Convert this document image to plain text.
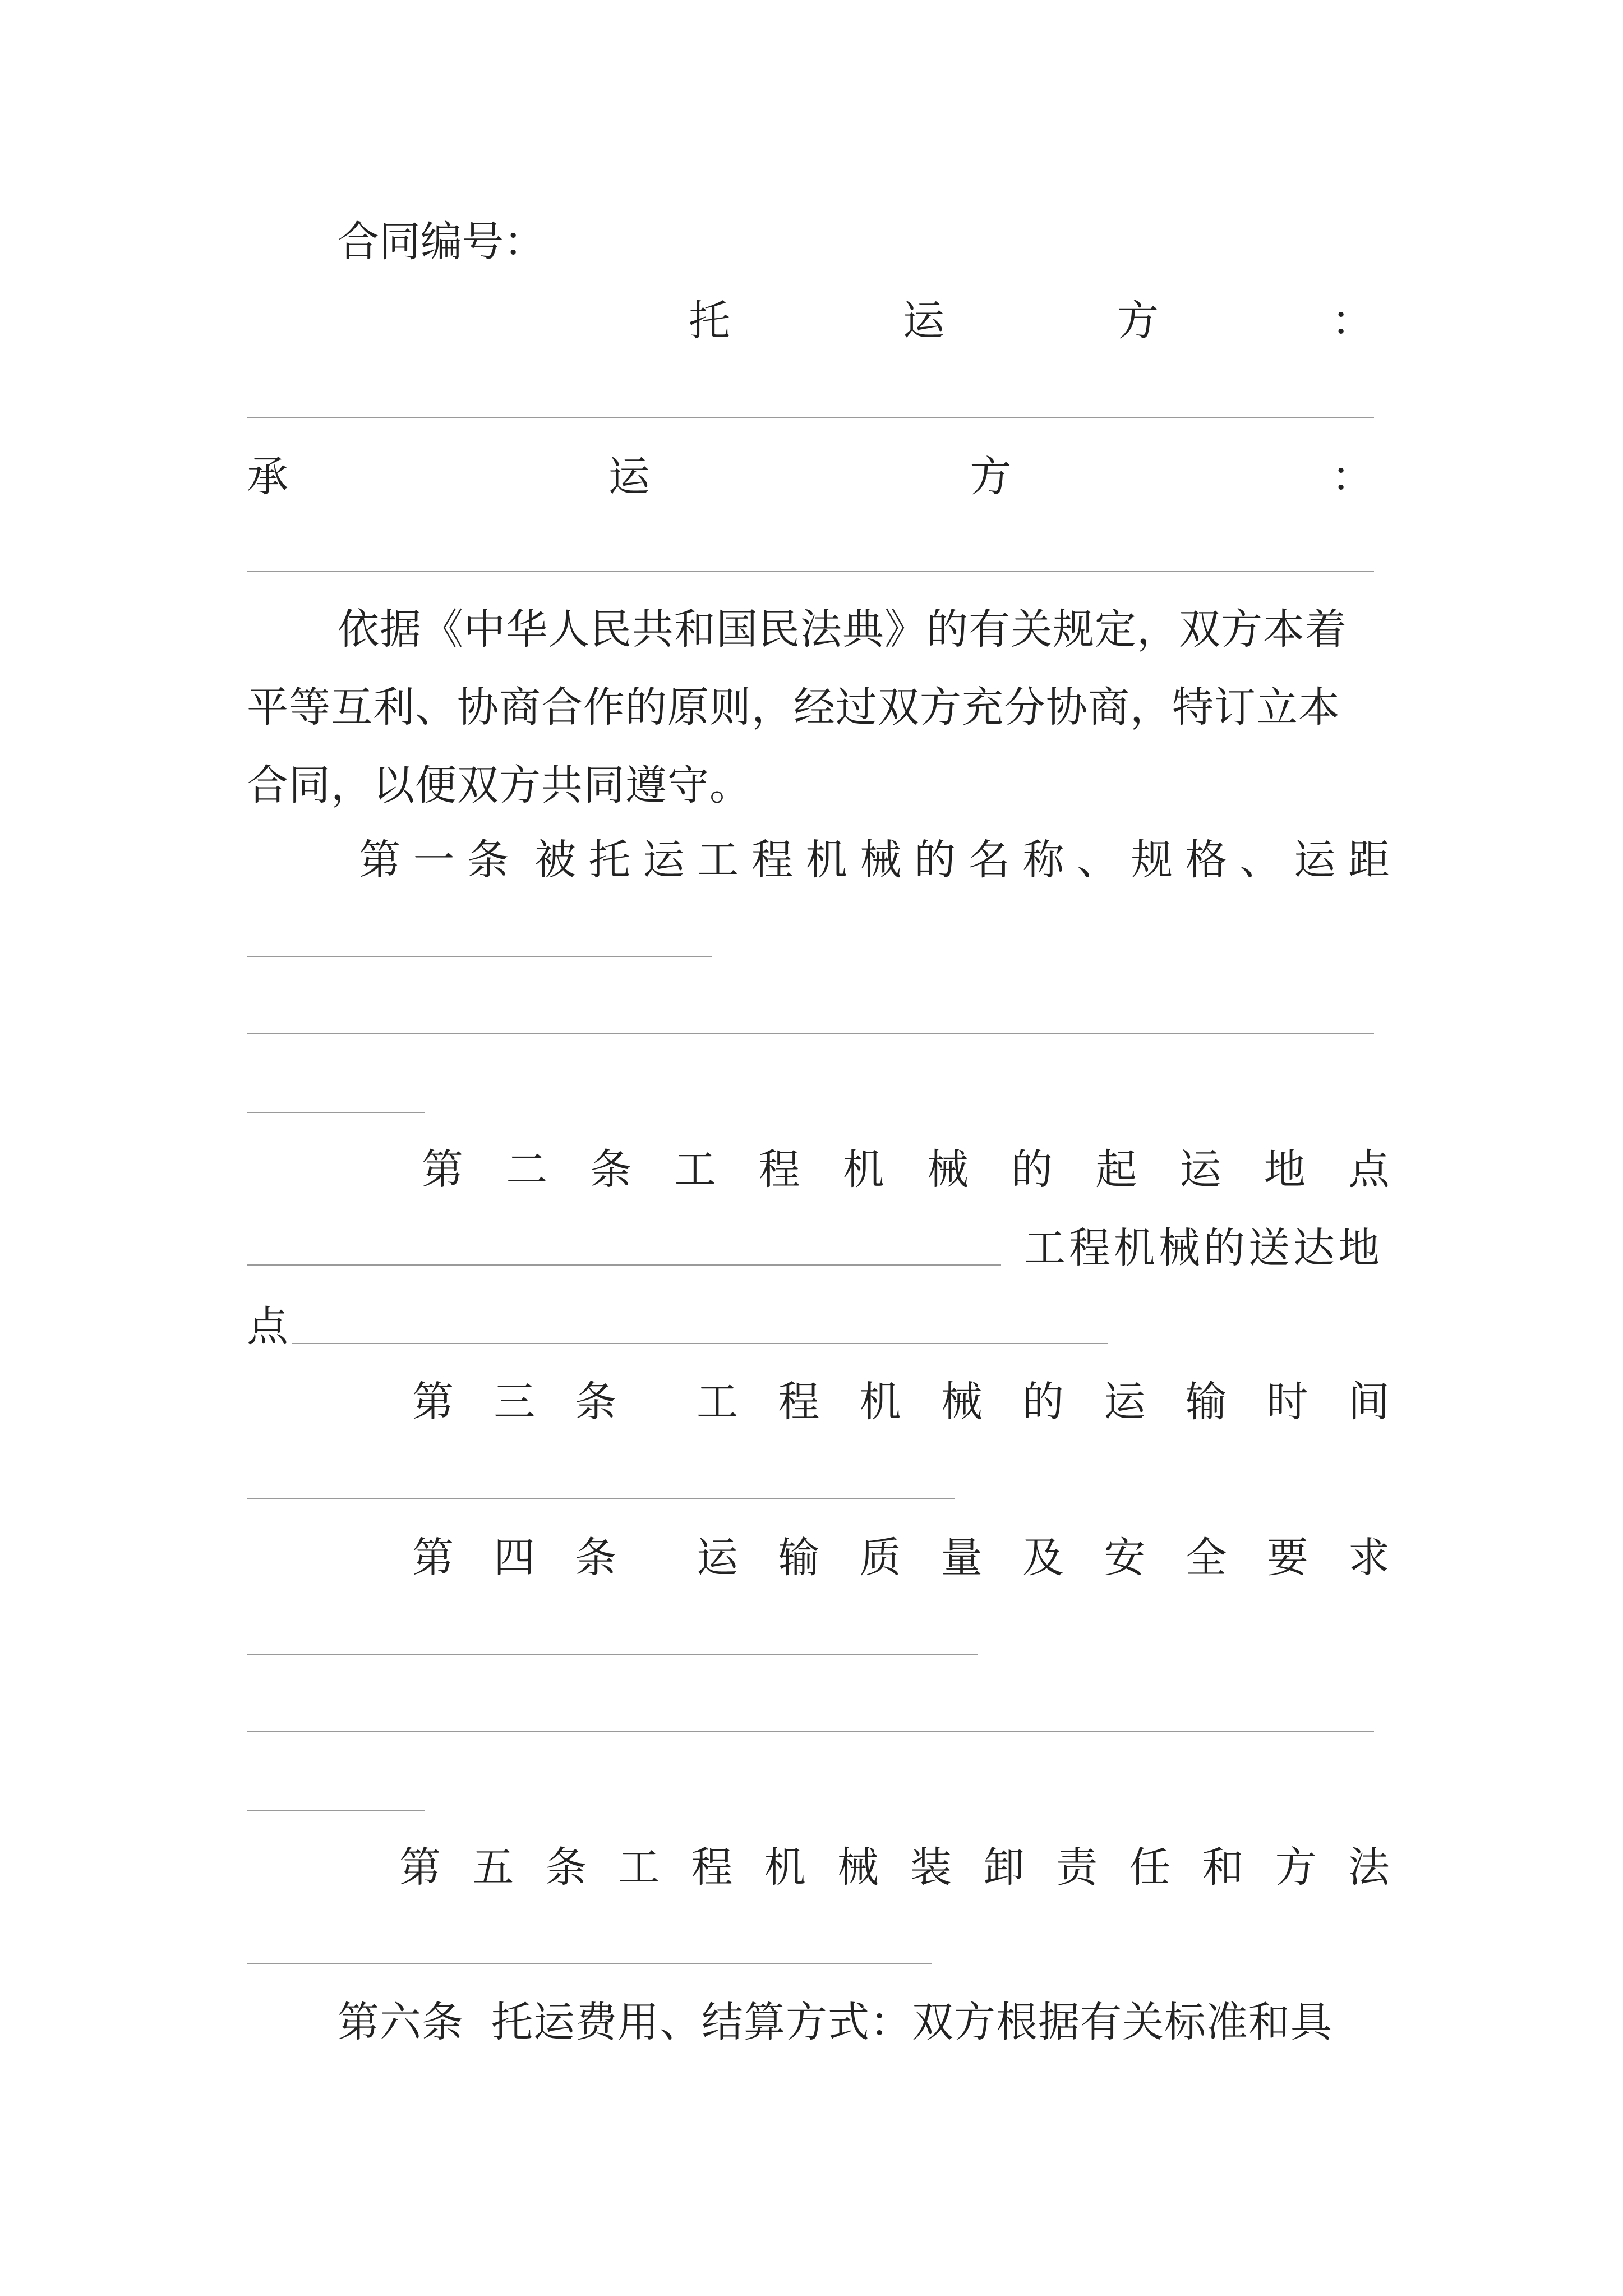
合同编号：
托	运	方	：
承	运	方	：
依据《中华人民共和国民法典》的有关规定，双方本着
平等互利、协商合作的原则，经过双方充分协商，特订立本
合同，以便双方共同遵守。
第 一 条 被 托 运 工 程 机 械 的 名 称 、 规 格 、 运 距
第 二 条 工 程 机 械 的 起 运 地 点
工程机械的送达地
点
第 三 条 工 程 机 械 的 运 输 时 间
第 四 条 运 输 质 量 及 安 全 要 求
第 五 条 工 程 机 械 装 卸 责 任 和 方 法
第六条  托运费用、结算方式：双方根据有关标准和具
